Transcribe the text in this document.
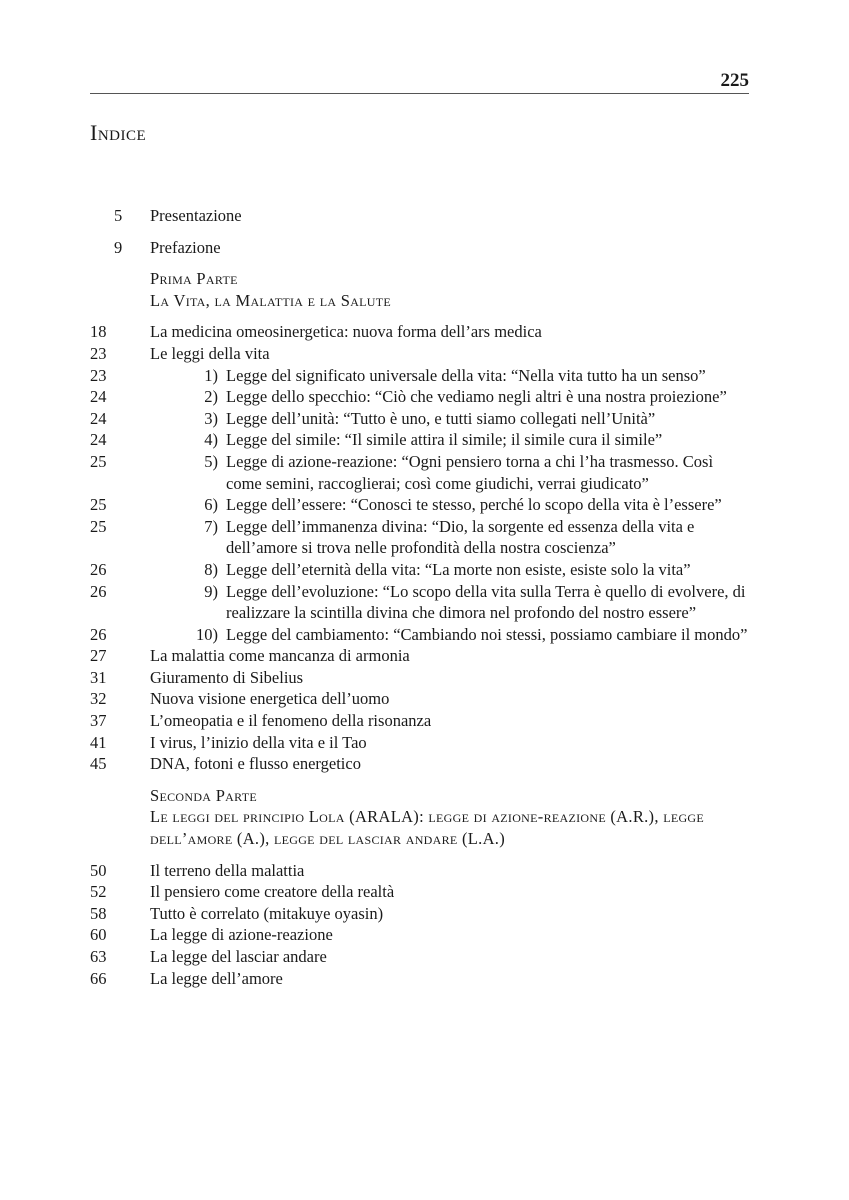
225
Indice
5	Presentazione
9	Prefazione
Prima Parte
La Vita, la Malattia e la Salute
18	La medicina omeosinergetica: nuova forma dell’ars medica
23	Le leggi della vita
23	1) Legge del significato universale della vita: “Nella vita tutto ha un senso”
24	2) Legge dello specchio: “Ciò che vediamo negli altri è una nostra proiezione”
24	3) Legge dell’unità: “Tutto è uno, e tutti siamo collegati nell’Unità”
24	4) Legge del simile: “Il simile attira il simile; il simile cura il simile”
25	5) Legge di azione-reazione: “Ogni pensiero torna a chi l’ha trasmesso. Così come semini, raccoglierai; così come giudichi, verrai giudicato”
25	6) Legge dell’essere: “Conosci te stesso, perché lo scopo della vita è l’essere”
25	7) Legge dell’immanenza divina: “Dio, la sorgente ed essenza della vita e dell’amore si trova nelle profondità della nostra coscienza”
26	8) Legge dell’eternità della vita: “La morte non esiste, esiste solo la vita”
26	9) Legge dell’evoluzione: “Lo scopo della vita sulla Terra è quello di evolvere, di realizzare la scintilla divina che dimora nel profondo del nostro essere”
26	10) Legge del cambiamento: “Cambiando noi stessi, possiamo cambiare il mondo”
27	La malattia come mancanza di armonia
31	Giuramento di Sibelius
32	Nuova visione energetica dell’uomo
37	L’omeopatia e il fenomeno della risonanza
41	I virus, l’inizio della vita e il Tao
45	DNA, fotoni e flusso energetico
Seconda Parte
Le leggi del principio Lola (ARALA): legge di azione-reazione (A.R.), legge dell’amore (A.), legge del lasciar andare (L.A.)
50	Il terreno della malattia
52	Il pensiero come creatore della realtà
58	Tutto è correlato (mitakuye oyasin)
60	La legge di azione-reazione
63	La legge del lasciar andare
66	La legge dell’amore
